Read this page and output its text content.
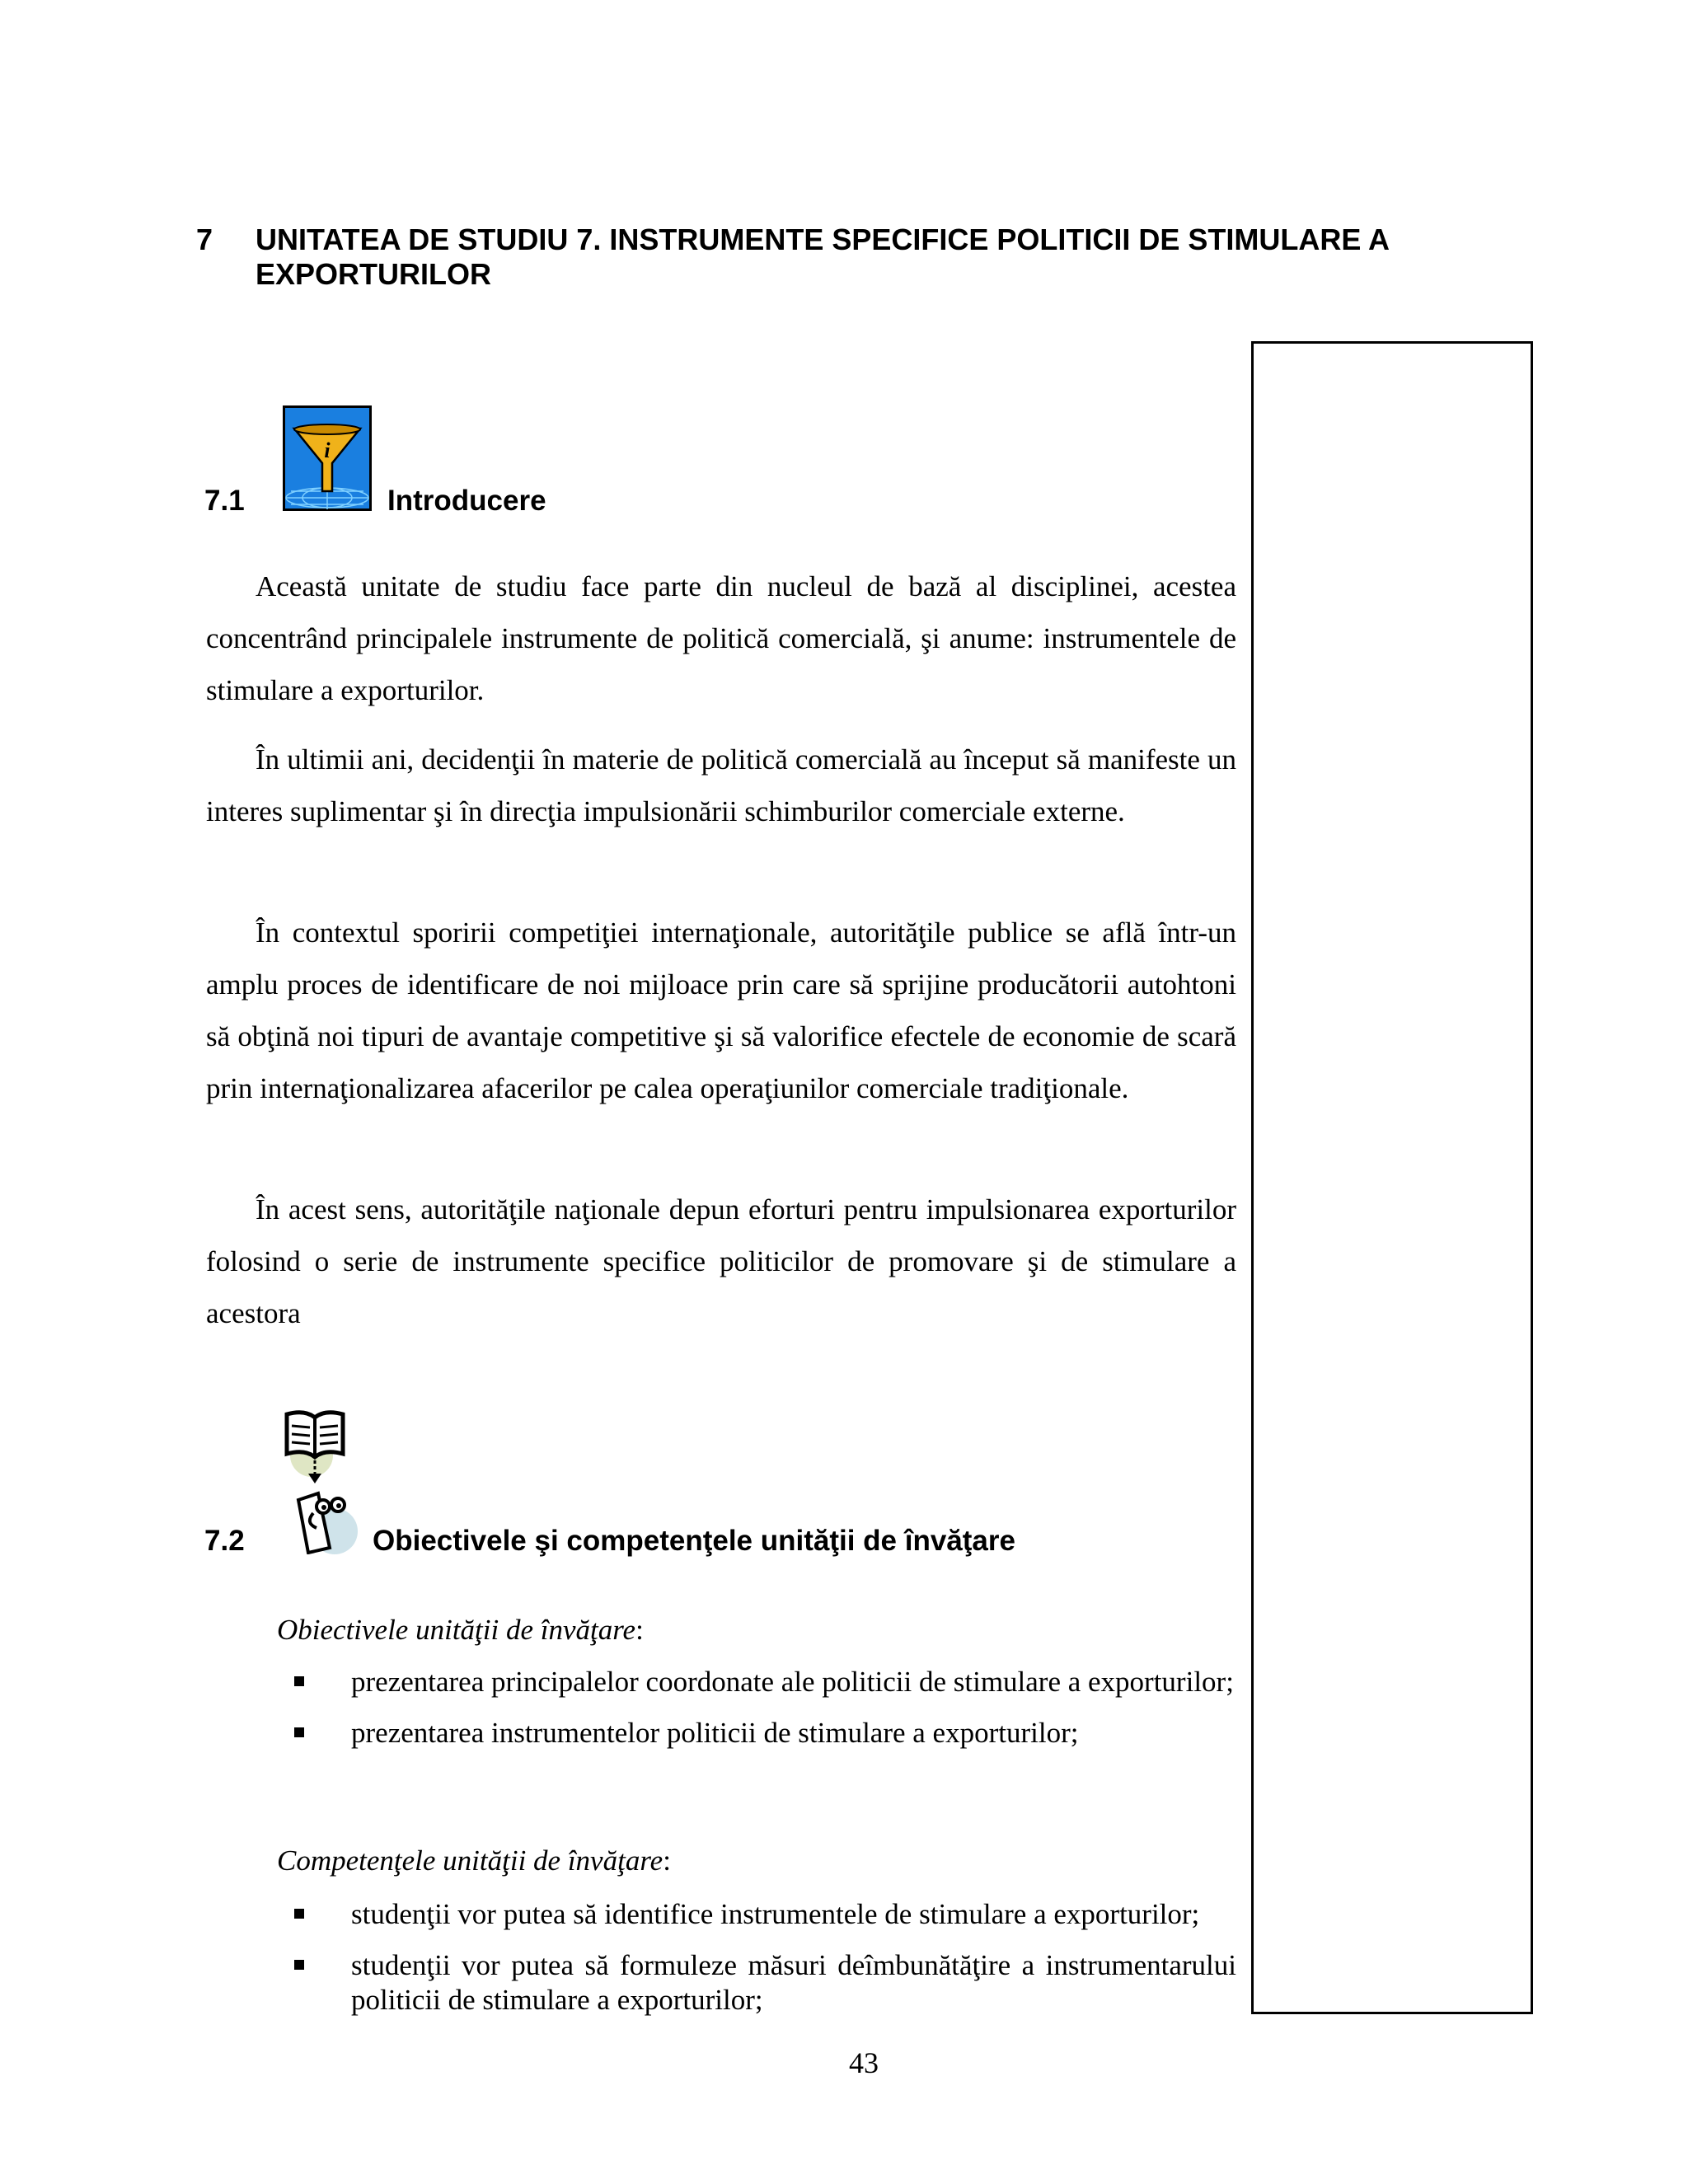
7 UNITATEA DE STUDIU 7. INSTRUMENTE SPECIFICE POLITICII DE STIMULARE A EXPORTURILOR
7.1
i
Introducere

Această unitate de studiu face parte din nucleul de bază al disciplinei, acestea concentrând principalele instrumente de politică comercială, şi anume: instrumentele de stimulare a exporturilor.

În ultimii ani, decidenţii în materie de politică comercială au început să manifeste un interes suplimentar şi în direcţia impulsionării schimburilor comerciale externe.

În contextul sporirii competiţiei internaţionale, autorităţile publice se află într-un amplu proces de identificare de noi mijloace prin care să sprijine producătorii autohtoni să obţină noi tipuri de avantaje competitive şi să valorifice efectele de economie de scară prin internaţionalizarea afacerilor pe calea operaţiunilor comerciale tradiţionale.

În acest sens, autorităţile naţionale depun eforturi pentru impulsionarea exporturilor folosind o serie de instrumente specifice politicilor de promovare şi de stimulare a acestora

7.2	Obiectivele şi competenţele unităţii de învăţare
Obiectivele unităţii de învăţare:
prezentarea principalelor coordonate ale politicii de stimulare a exporturilor;
prezentarea instrumentelor politicii de stimulare a exporturilor;
Competenţele unităţii de învăţare:
studenţii vor putea să identifice instrumentele de stimulare a exporturilor;
studenţii vor putea să formuleze măsuri deîmbunătăţire a instrumentarului politicii de stimulare a exporturilor;
43
